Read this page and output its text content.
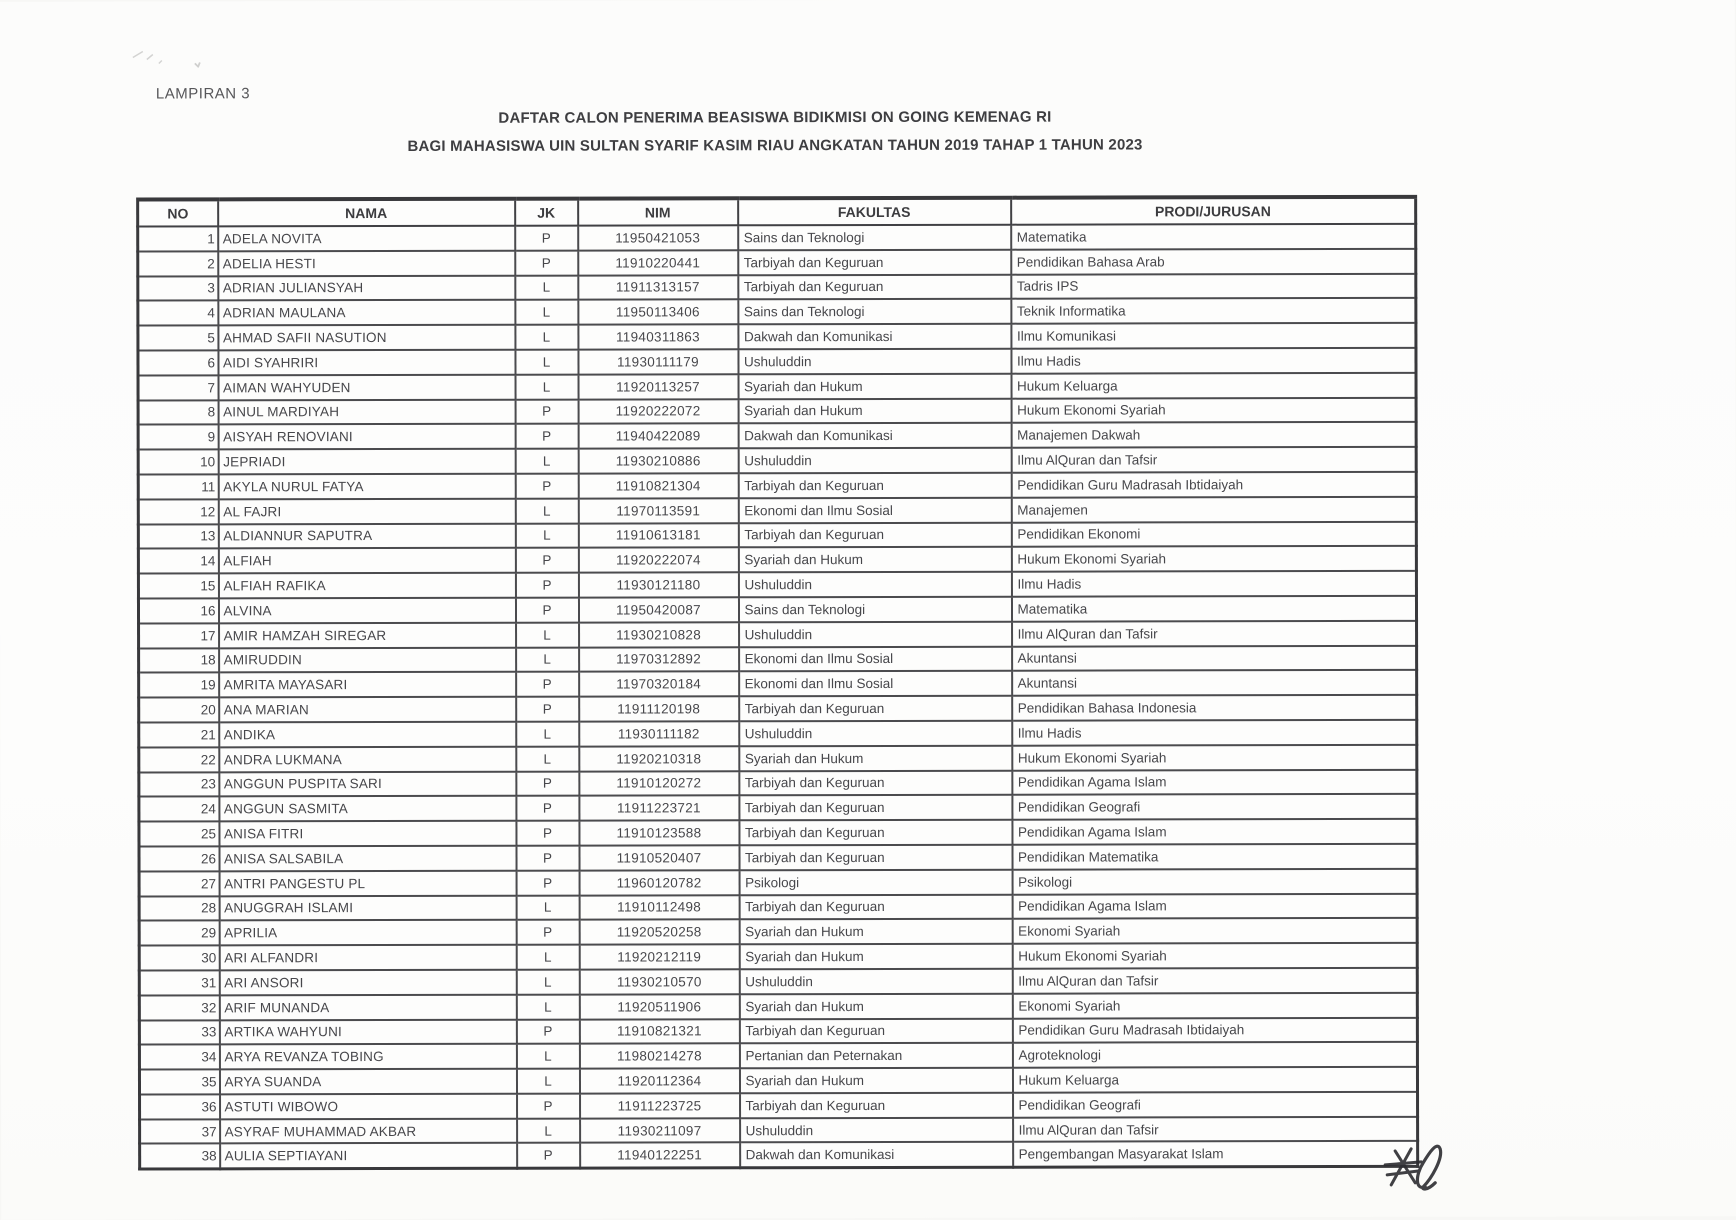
LAMPIRAN 3
DAFTAR CALON PENERIMA BEASISWA BIDIKMISI ON GOING KEMENAG RI
BAGI MAHASISWA UIN SULTAN SYARIF KASIM RIAU ANGKATAN TAHUN 2019 TAHAP 1 TAHUN 2023
NO	NAMA	JK	NIM	FAKULTAS	PRODI/JURUSAN
1	ADELA NOVITA	P	11950421053	Sains dan Teknologi	Matematika
2	ADELIA HESTI	P	11910220441	Tarbiyah dan Keguruan	Pendidikan Bahasa Arab
3	ADRIAN JULIANSYAH	L	11911313157	Tarbiyah dan Keguruan	Tadris IPS
4	ADRIAN MAULANA	L	11950113406	Sains dan Teknologi	Teknik Informatika
5	AHMAD SAFII NASUTION	L	11940311863	Dakwah dan Komunikasi	Ilmu Komunikasi
6	AIDI SYAHRIRI	L	11930111179	Ushuluddin	Ilmu Hadis
7	AIMAN WAHYUDEN	L	11920113257	Syariah dan Hukum	Hukum Keluarga
8	AINUL MARDIYAH	P	11920222072	Syariah dan Hukum	Hukum Ekonomi Syariah
9	AISYAH RENOVIANI	P	11940422089	Dakwah dan Komunikasi	Manajemen Dakwah
10	JEPRIADI	L	11930210886	Ushuluddin	Ilmu AlQuran dan Tafsir
11	AKYLA NURUL FATYA	P	11910821304	Tarbiyah dan Keguruan	Pendidikan Guru Madrasah Ibtidaiyah
12	AL FAJRI	L	11970113591	Ekonomi dan Ilmu Sosial	Manajemen
13	ALDIANNUR SAPUTRA	L	11910613181	Tarbiyah dan Keguruan	Pendidikan Ekonomi
14	ALFIAH	P	11920222074	Syariah dan Hukum	Hukum Ekonomi Syariah
15	ALFIAH RAFIKA	P	11930121180	Ushuluddin	Ilmu Hadis
16	ALVINA	P	11950420087	Sains dan Teknologi	Matematika
17	AMIR HAMZAH SIREGAR	L	11930210828	Ushuluddin	Ilmu AlQuran dan Tafsir
18	AMIRUDDIN	L	11970312892	Ekonomi dan Ilmu Sosial	Akuntansi
19	AMRITA MAYASARI	P	11970320184	Ekonomi dan Ilmu Sosial	Akuntansi
20	ANA MARIAN	P	11911120198	Tarbiyah dan Keguruan	Pendidikan Bahasa Indonesia
21	ANDIKA	L	11930111182	Ushuluddin	Ilmu Hadis
22	ANDRA LUKMANA	L	11920210318	Syariah dan Hukum	Hukum Ekonomi Syariah
23	ANGGUN PUSPITA SARI	P	11910120272	Tarbiyah dan Keguruan	Pendidikan Agama Islam
24	ANGGUN SASMITA	P	11911223721	Tarbiyah dan Keguruan	Pendidikan Geografi
25	ANISA FITRI	P	11910123588	Tarbiyah dan Keguruan	Pendidikan Agama Islam
26	ANISA SALSABILA	P	11910520407	Tarbiyah dan Keguruan	Pendidikan Matematika
27	ANTRI PANGESTU PL	P	11960120782	Psikologi	Psikologi
28	ANUGGRAH ISLAMI	L	11910112498	Tarbiyah dan Keguruan	Pendidikan Agama Islam
29	APRILIA	P	11920520258	Syariah dan Hukum	Ekonomi Syariah
30	ARI ALFANDRI	L	11920212119	Syariah dan Hukum	Hukum Ekonomi Syariah
31	ARI ANSORI	L	11930210570	Ushuluddin	Ilmu AlQuran dan Tafsir
32	ARIF MUNANDA	L	11920511906	Syariah dan Hukum	Ekonomi Syariah
33	ARTIKA WAHYUNI	P	11910821321	Tarbiyah dan Keguruan	Pendidikan Guru Madrasah Ibtidaiyah
34	ARYA REVANZA TOBING	L	11980214278	Pertanian dan Peternakan	Agroteknologi
35	ARYA SUANDA	L	11920112364	Syariah dan Hukum	Hukum Keluarga
36	ASTUTI WIBOWO	P	11911223725	Tarbiyah dan Keguruan	Pendidikan Geografi
37	ASYRAF MUHAMMAD AKBAR	L	11930211097	Ushuluddin	Ilmu AlQuran dan Tafsir
38	AULIA SEPTIAYANI	P	11940122251	Dakwah dan Komunikasi	Pengembangan Masyarakat Islam
